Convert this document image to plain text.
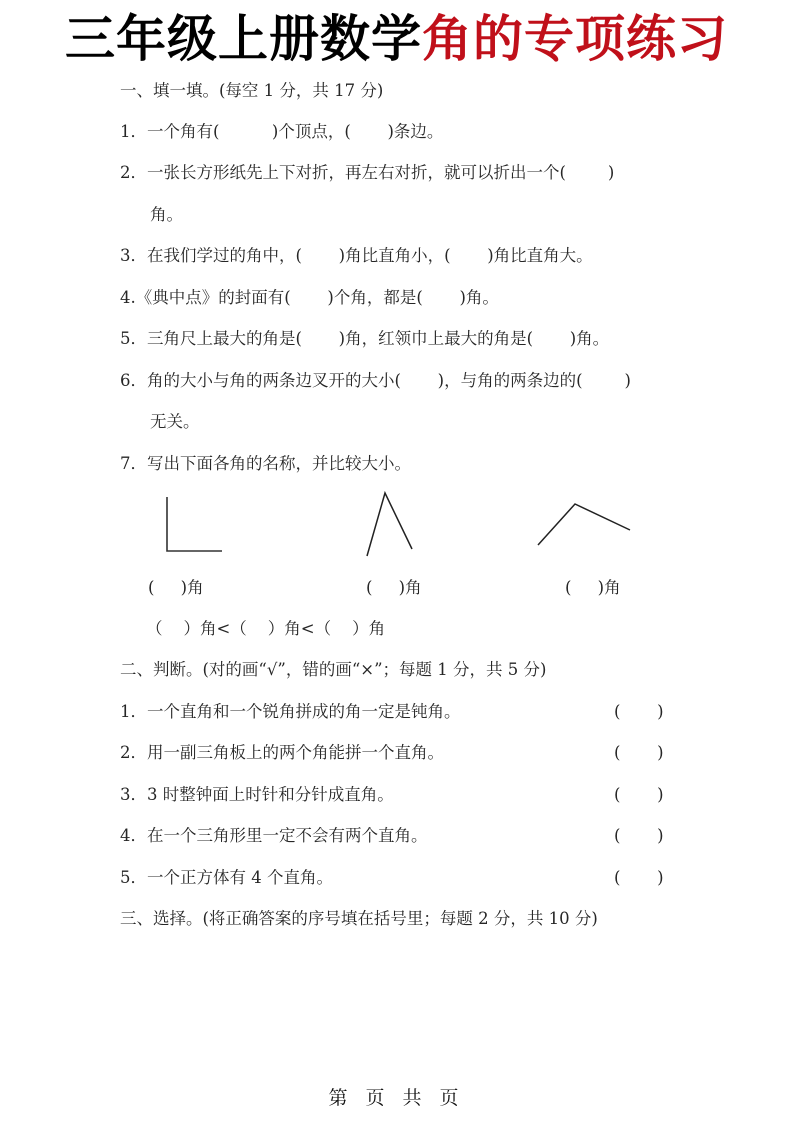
三年级上册数学角的专项练习
一、填一填。(每空 1 分，共 17 分)
1．一个角有(          )个顶点，(       )条边。
2．一张长方形纸先上下对折，再左右对折，就可以折出一个(        )
角。
3．在我们学过的角中，(       )角比直角小，(       )角比直角大。
4.《典中点》的封面有(       )个角，都是(       )角。
5．三角尺上最大的角是(       )角，红领巾上最大的角是(       )角。
6．角的大小与角的两条边叉开的大小(       )，与角的两条边的(        )
无关。
7．写出下面各角的名称，并比较大小。
(     )角	(     )角	(     )角
（    ）角<（    ）角<（    ）角
二、判断。(对的画“√”，错的画“×”；每题 1 分，共 5 分)
1．一个直角和一个锐角拼成的角一定是钝角。	(       )
2．用一副三角板上的两个角能拼一个直角。	(       )
3．3 时整钟面上时针和分针成直角。	(       )
4．在一个三角形里一定不会有两个直角。	(       )
5．一个正方体有 4 个直角。	(       )
三、选择。(将正确答案的序号填在括号里；每题 2 分，共 10 分)
第 页 共 页
